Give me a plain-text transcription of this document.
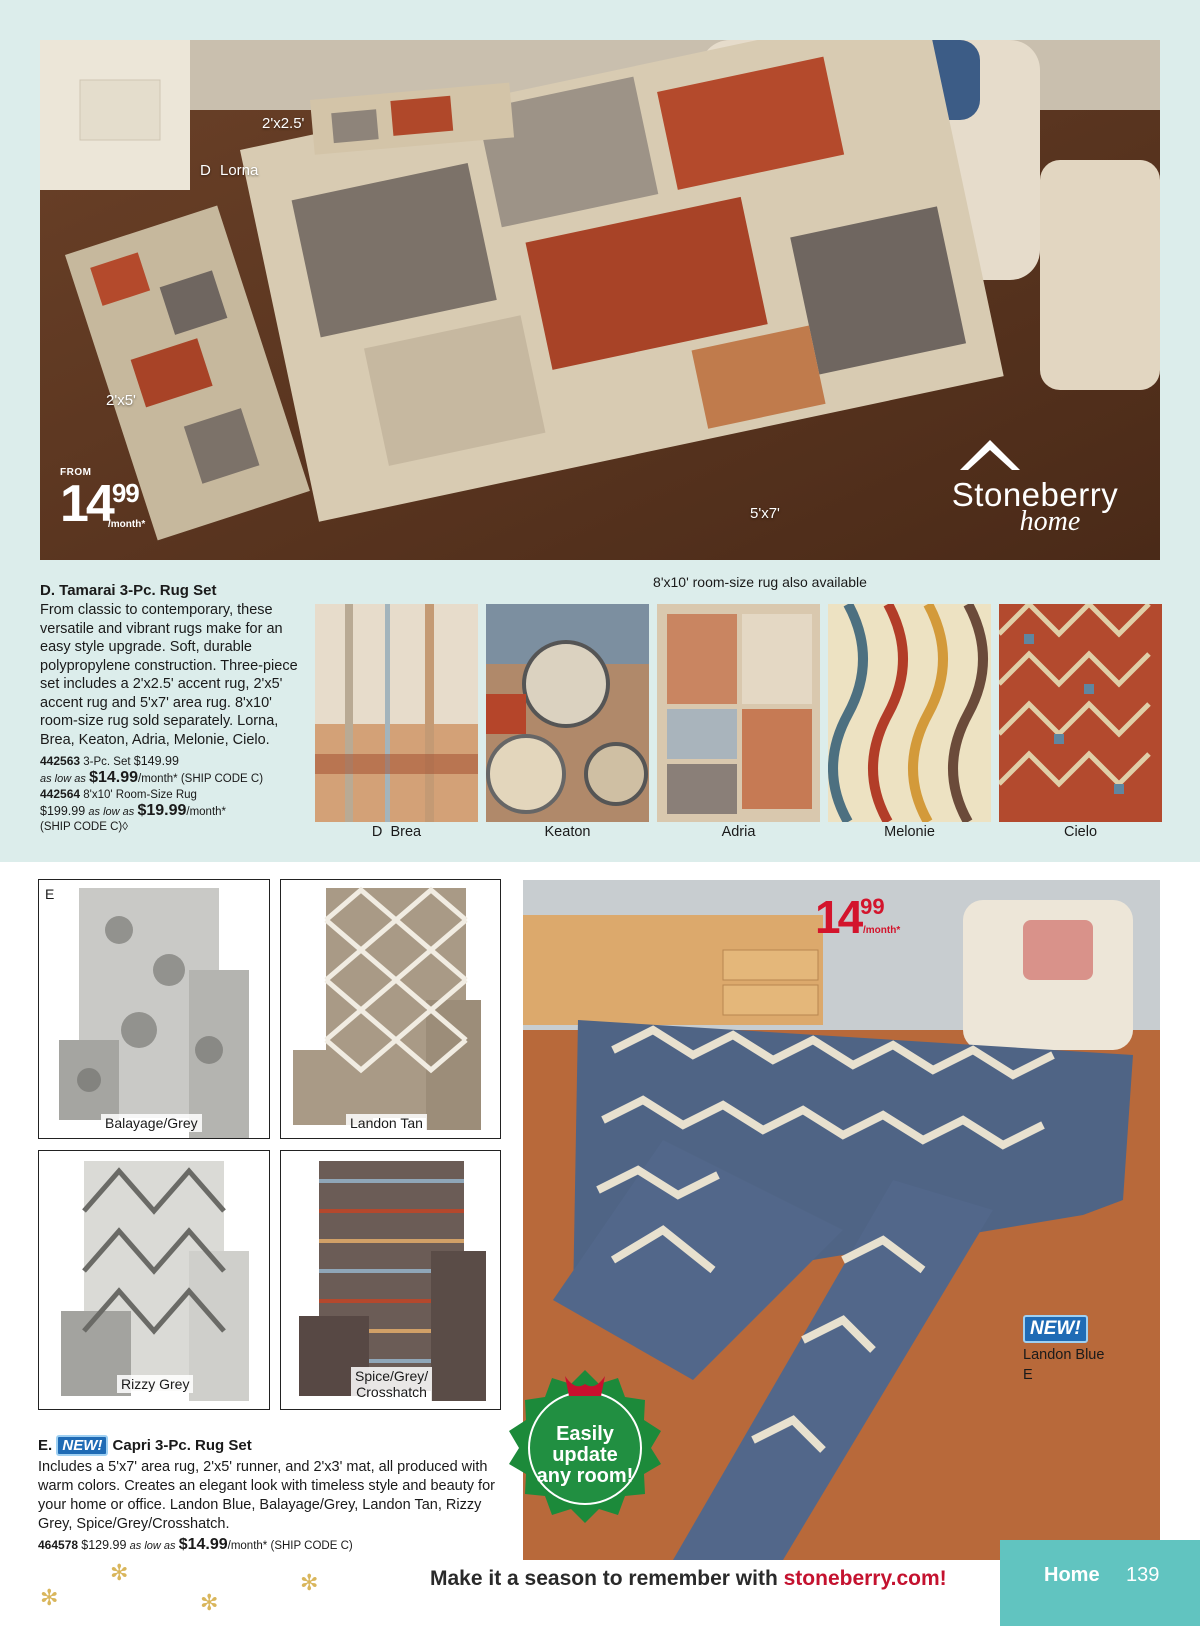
2'x2.5'
D Lorna
2'x5'
5'x7'
FROM
1499
/month*
Stoneberry
home
D. Tamarai 3-Pc. Rug Set

From classic to contemporary, these versatile and vibrant rugs make for an easy style upgrade. Soft, durable polypropylene construction. Three-piece set includes a 2'x2.5' accent rug, 2'x5' accent rug and 5'x7' area rug. 8'x10' room-size rug sold separately. Lorna, Brea, Keaton, Adria, Melonie, Cielo.

442563 3-Pc. Set $149.99
as low as $14.99/month* (SHIP CODE C)
442564 8'x10' Room-Size Rug
$199.99 as low as $19.99/month*
(SHIP CODE C)◊
8'x10' room-size rug also available
D Brea	Keaton	Adria	Melonie	Cielo
E
Balayage/Grey	Landon Tan
Rizzy Grey	Spice/Grey/
Crosshatch
1499
/month*
NEW!
Landon Blue
E
Easily
update
any room!
E. NEW! Capri 3-Pc. Rug Set

Includes a 5'x7' area rug, 2'x5' runner, and 2'x3' mat, all produced with warm colors. Creates an elegant look with timeless style and beauty for your home or office. Landon Blue, Balayage/Grey, Landon Tan, Rizzy Grey, Spice/Grey/Crosshatch.

464578 $129.99 as low as $14.99/month* (SHIP CODE C)
✻
✻
✻
✻	Make it a season to remember with stoneberry.com!	Home 139
